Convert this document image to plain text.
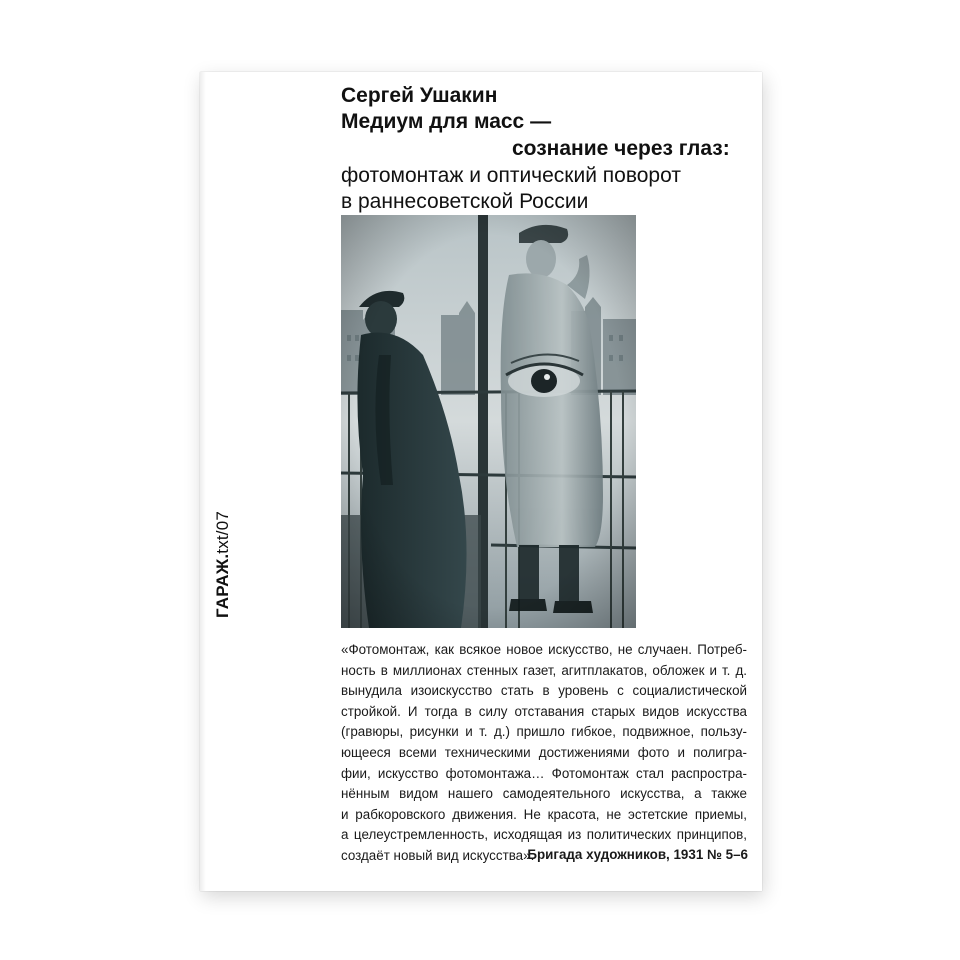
ГАРАЖ.txt/07

Сергей Ушакин

Медиум для масс —

сознание через глаз:

фотомонтаж и оптический поворот

в раннесоветской России

«Фотомонтаж, как всякое новое искусство, не случаен. Потреб-
ность в миллионах стенных газет, агитплакатов, обложек и т. д.
вынудила изоискусство стать в уровень с социалистической
стройкой. И тогда в силу отставания старых видов искусства
(гравюры, рисунки и т. д.) пришло гибкое, подвижное, пользу-
ющееся всеми техническими достижениями фото и полигра-
фии, искусство фотомонтажа… Фотомонтаж стал распростра-
нённым видом нашего самодеятельного искусства, а также
и рабкоровского движения. Не красота, не эстетские приемы,
а целеустремленность, исходящая из политических принципов,
создаёт новый вид искусства».
Бригада художников, 1931 № 5–6
